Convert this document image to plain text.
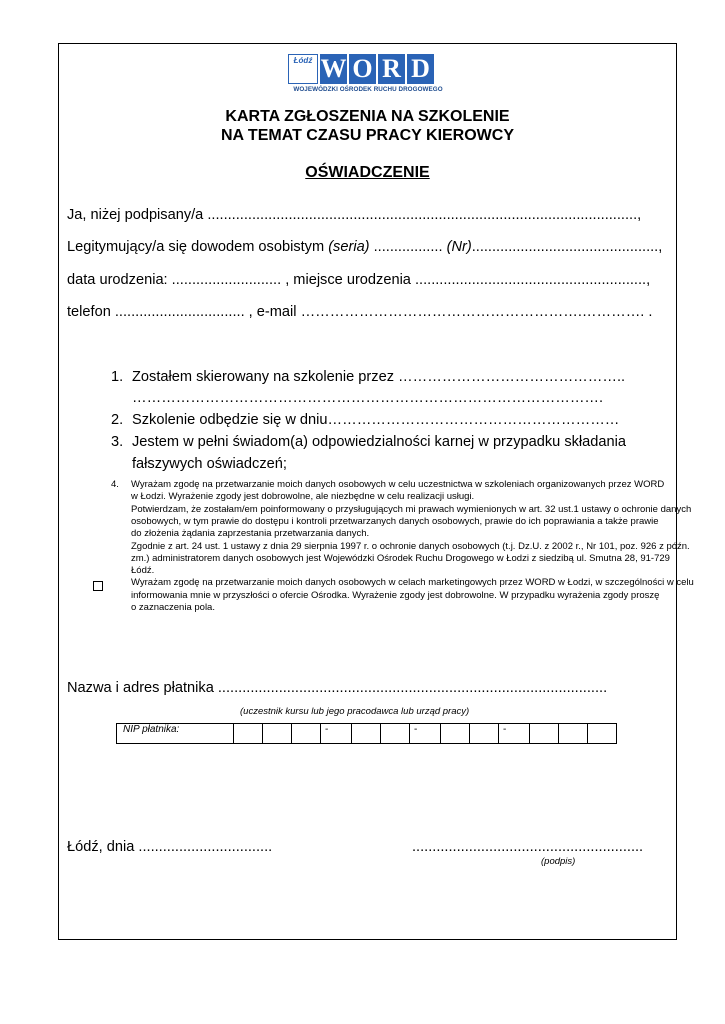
Łódź W O R D
WOJEWÓDZKI OŚRODEK RUCHU DROGOWEGO
KARTA ZGŁOSZENIA NA SZKOLENIE
NA TEMAT CZASU PRACY KIEROWCY
OŚWIADCZENIE
Ja, niżej podpisany/a ..........................................................................................................,
Legitymujący/a się dowodem osobistym (seria) ................. (Nr)..............................................,
data urodzenia: ........................... , miejsce urodzenia .........................................................,
telefon ................................ , e-mail ………………………………………………….…………. .
1. Zostałem skierowany na szkolenie przez ………………………………………..
…………………………………………………………………………………….
2. Szkolenie odbędzie się w dniu……………………………………………………
3. Jestem w pełni świadom(a) odpowiedzialności karnej w przypadku składania
fałszywych oświadczeń;
4. Wyrażam zgodę na przetwarzanie moich danych osobowych w celu uczestnictwa w szkoleniach organizowanych przez WORD
w Łodzi. Wyrażenie zgody jest dobrowolne, ale niezbędne w celu realizacji usługi.
Potwierdzam, że zostałam/em poinformowany o przysługujących mi prawach wymienionych w art. 32 ust.1 ustawy o ochronie danych
osobowych, w tym prawie do dostępu i kontroli przetwarzanych danych osobowych, prawie do ich poprawiania a także prawie
do złożenia żądania zaprzestania przetwarzania danych.
Zgodnie z art. 24 ust. 1 ustawy z dnia 29 sierpnia 1997 r. o ochronie danych osobowych (t.j. Dz.U. z 2002 r., Nr 101, poz. 926 z późn.
zm.) administratorem danych osobowych jest Wojewódzki Ośrodek Ruchu Drogowego w Łodzi z siedzibą ul. Smutna 28, 91-729
Łódź.
Wyrażam zgodę na przetwarzanie moich danych osobowych w celach marketingowych przez WORD w Łodzi, w szczególności w celu
informowania mnie w przyszłości o ofercie Ośrodka. Wyrażenie zgody jest dobrowolne. W przypadku wyrażenia zgody proszę
o zaznaczenia pola.
Nazwa i adres płatnika ................................................................................................
(uczestnik kursu lub jego pracodawca lub urząd pracy)
NIP płatnika:				-			-			-			
Łódź, dnia .................................	.........................................................
(podpis)
